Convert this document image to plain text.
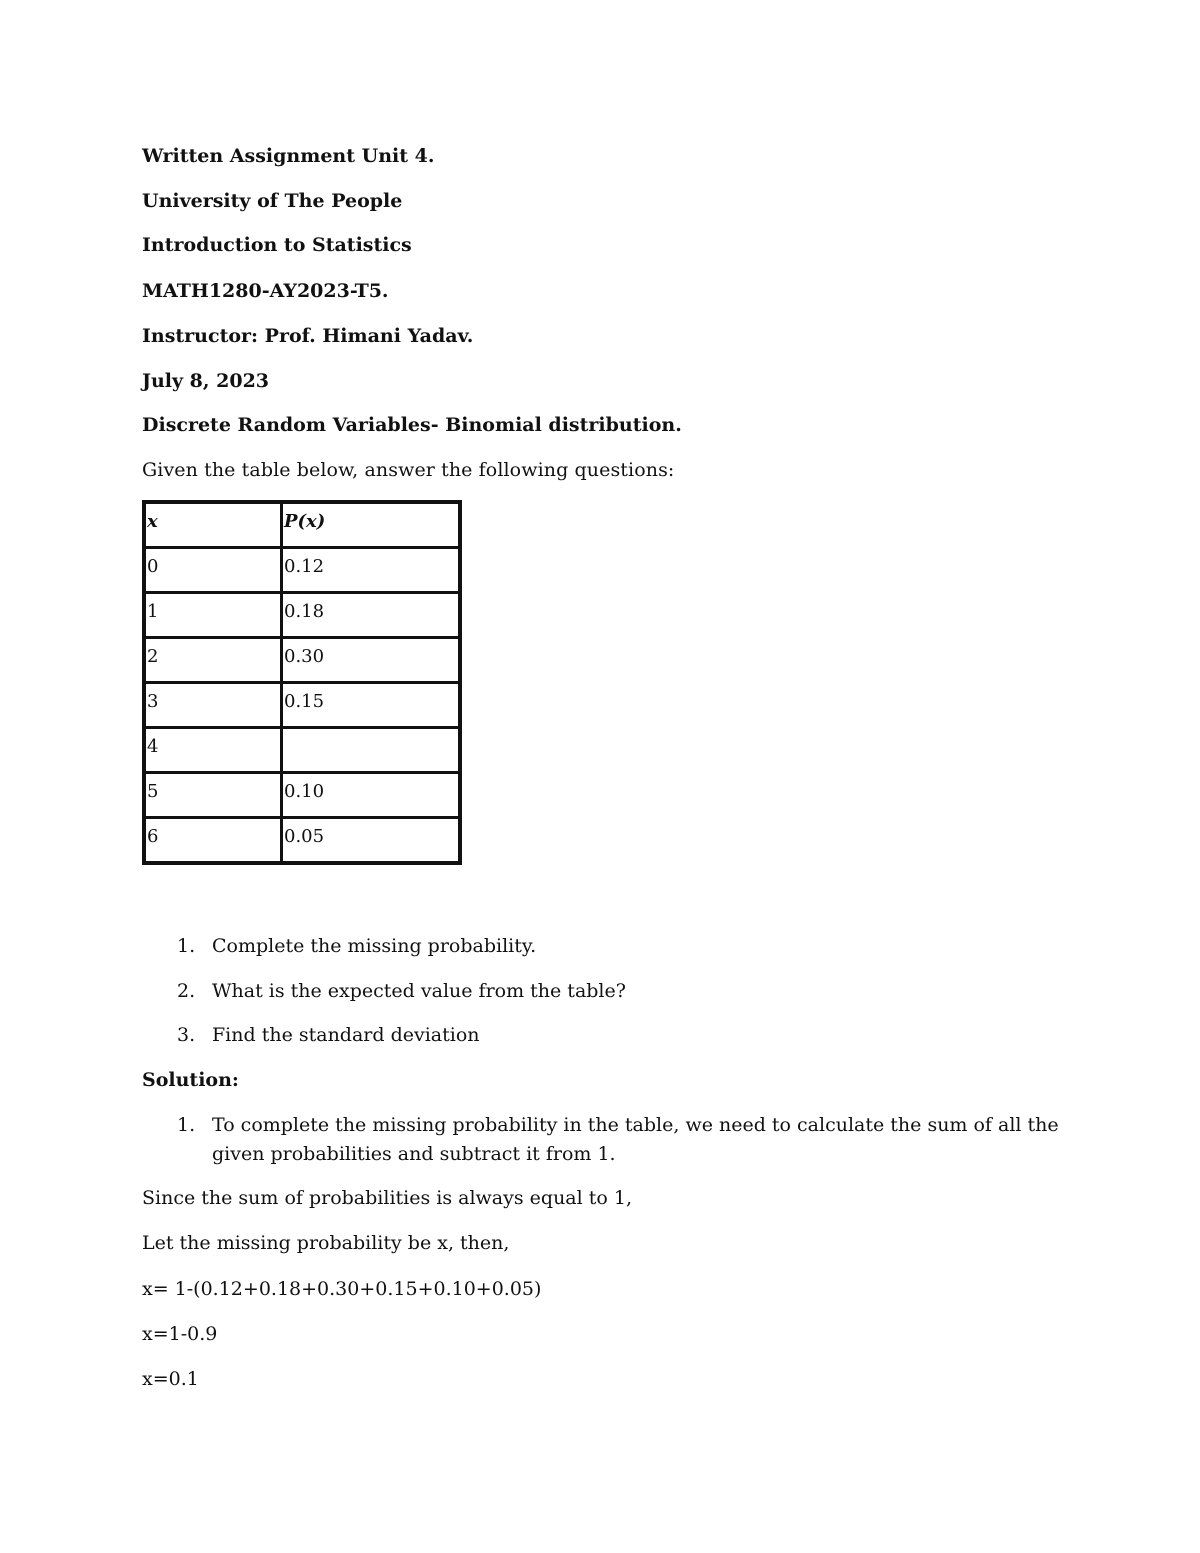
Written Assignment Unit 4.
University of The People
Introduction to Statistics
MATH1280-AY2023-T5.
Instructor: Prof. Himani Yadav.
July 8, 2023
Discrete Random Variables- Binomial distribution.
Given the table below, answer the following questions:
x	P(x)

0	0.12

1	0.18

2	0.30

3	0.15

4	

5	0.10

6	0.05
1. Complete the missing probability.
2. What is the expected value from the table?
3. Find the standard deviation
Solution:
1. To complete the missing probability in the table, we need to calculate the sum of all the given probabilities and subtract it from 1.
Since the sum of probabilities is always equal to 1,
Let the missing probability be x, then,
x= 1-(0.12+0.18+0.30+0.15+0.10+0.05)
x=1-0.9
x=0.1
